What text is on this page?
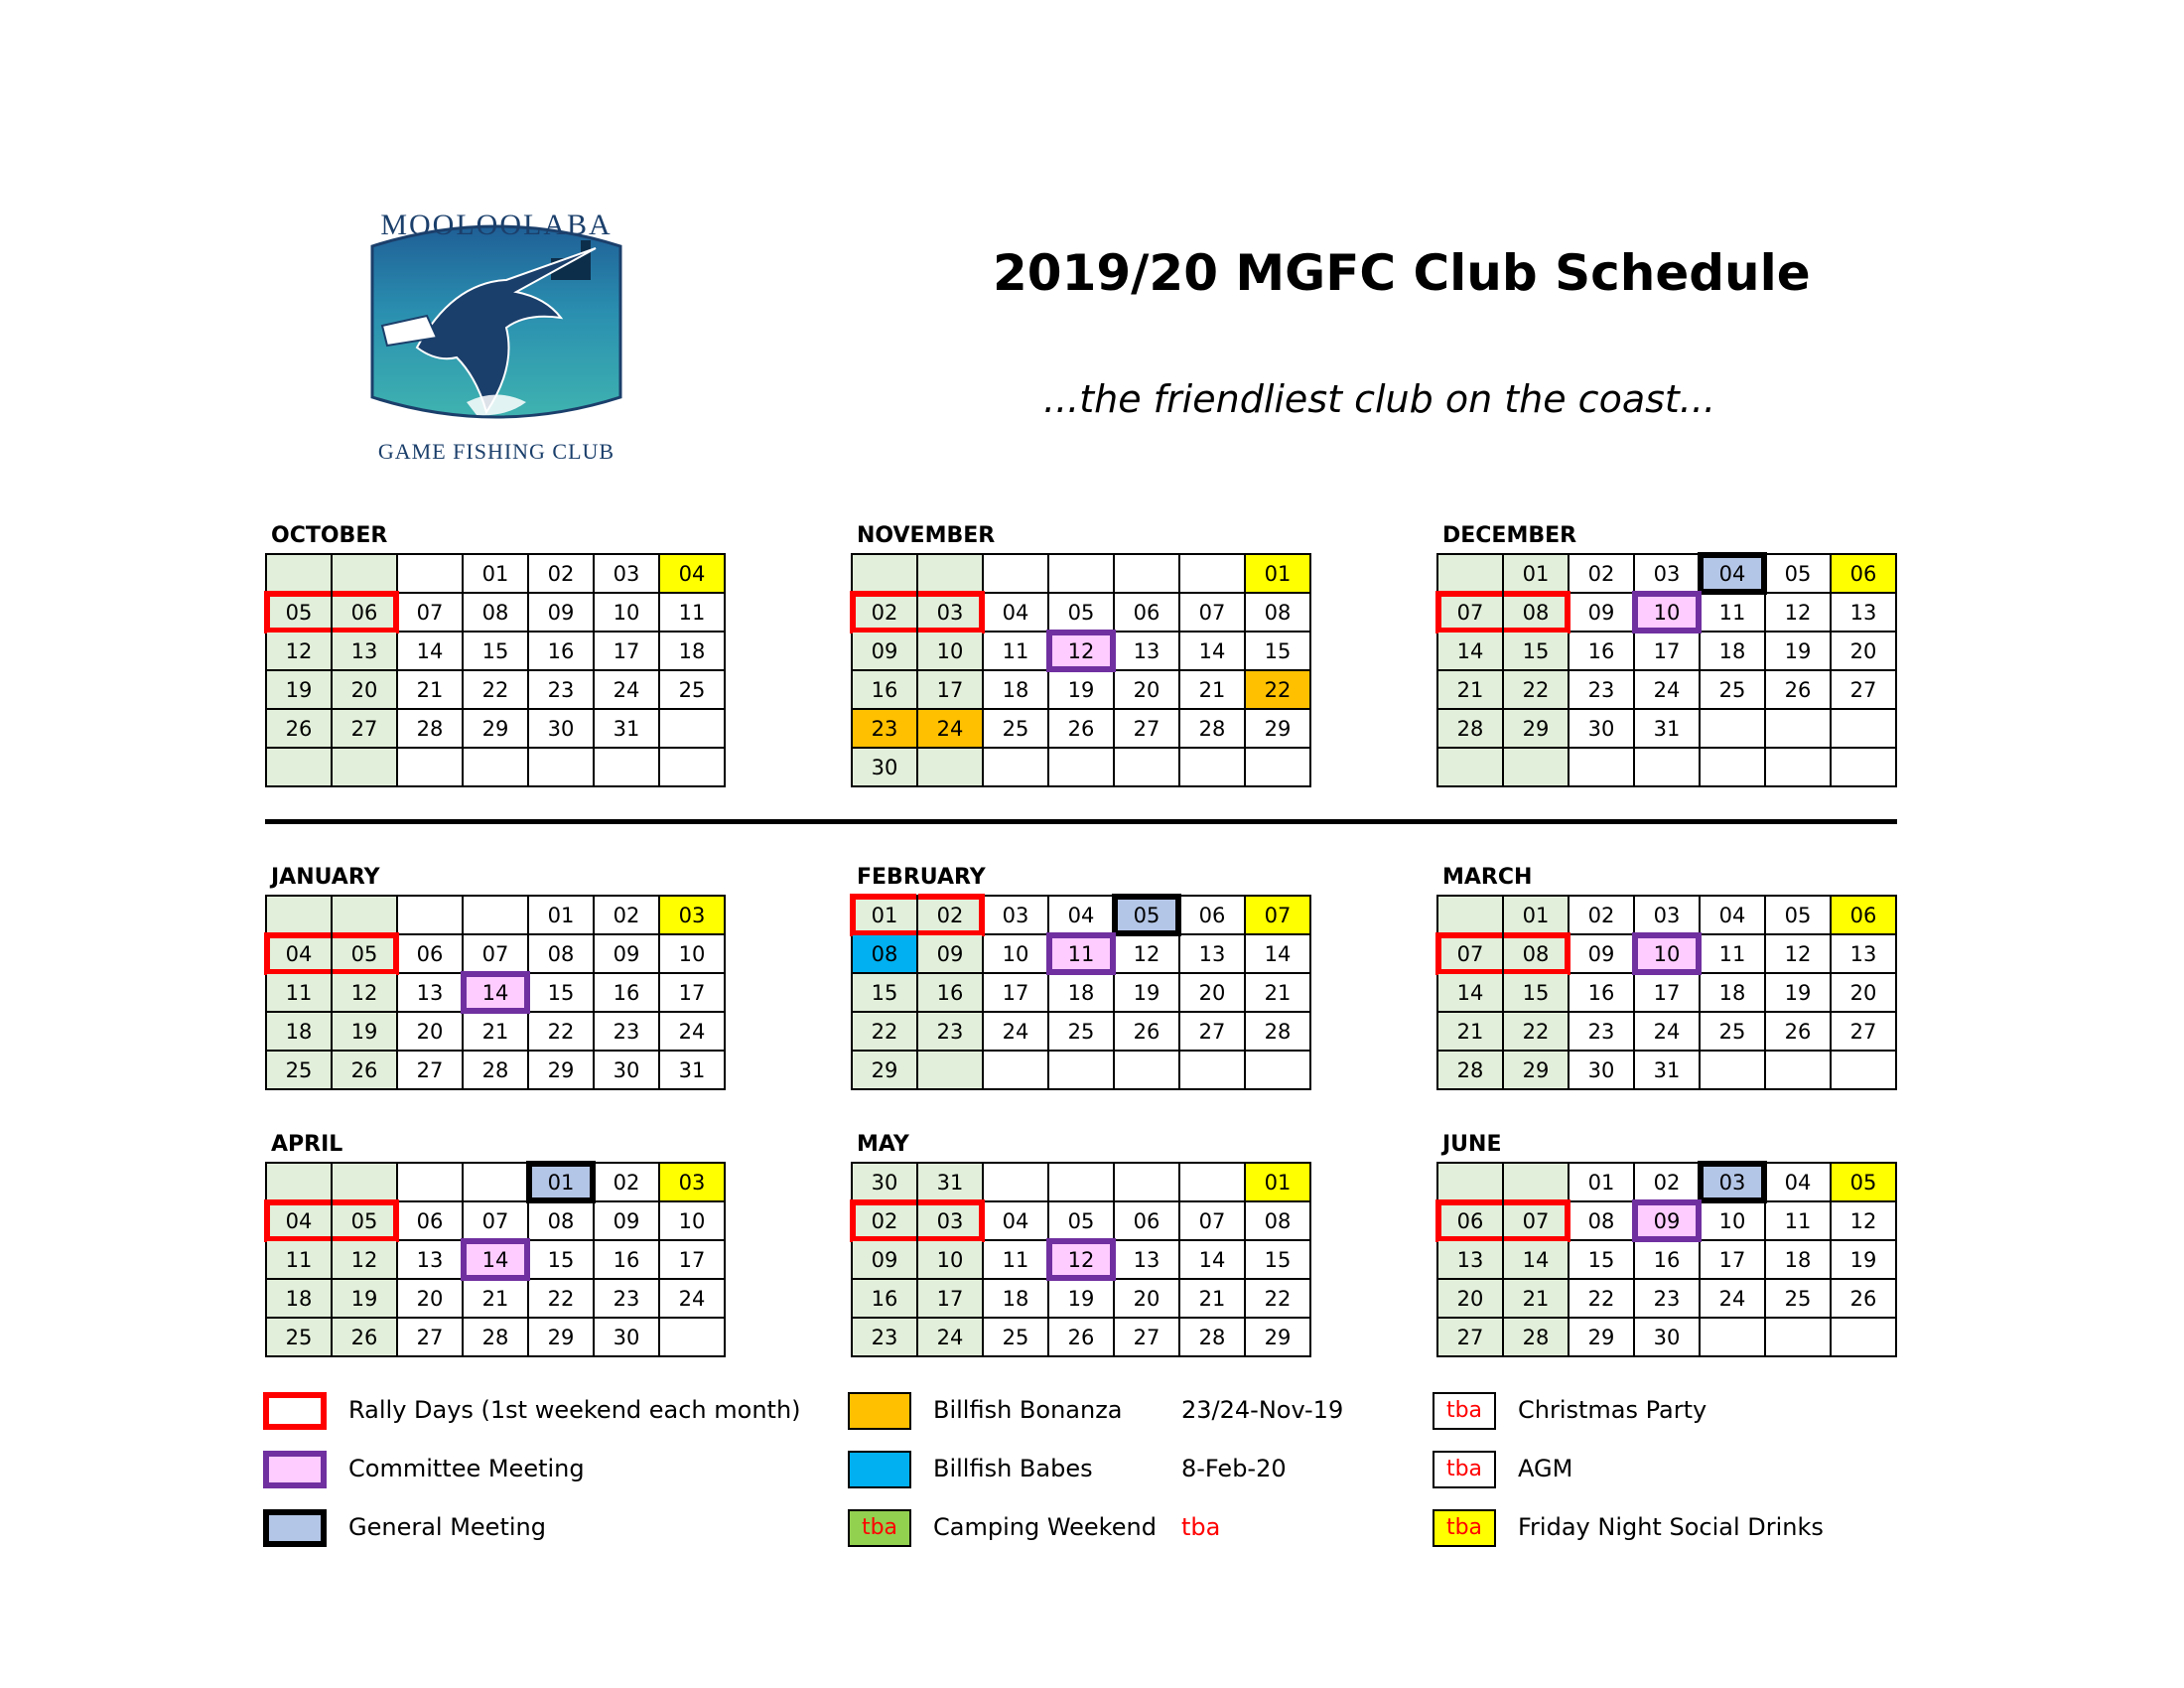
MOOLOOLABA
GAME FISHING CLUB
2019/20 MGFC Club Schedule
...the friendliest club on the coast...
OCTOBER
			01	02	03	04
05	06	07	08	09	10	11
12	13	14	15	16	17	18
19	20	21	22	23	24	25
26	27	28	29	30	31	

NOVEMBER
						01
02	03	04	05	06	07	08
09	10	11	12	13	14	15
16	17	18	19	20	21	22
23	24	25	26	27	28	29
30						
DECEMBER
	01	02	03	04	05	06
07	08	09	10	11	12	13
14	15	16	17	18	19	20
21	22	23	24	25	26	27
28	29	30	31			

JANUARY
				01	02	03
04	05	06	07	08	09	10
11	12	13	14	15	16	17
18	19	20	21	22	23	24
25	26	27	28	29	30	31
FEBRUARY
01	02	03	04	05	06	07
08	09	10	11	12	13	14
15	16	17	18	19	20	21
22	23	24	25	26	27	28
29						
MARCH
	01	02	03	04	05	06
07	08	09	10	11	12	13
14	15	16	17	18	19	20
21	22	23	24	25	26	27
28	29	30	31			
APRIL
				01	02	03
04	05	06	07	08	09	10
11	12	13	14	15	16	17
18	19	20	21	22	23	24
25	26	27	28	29	30	
MAY
30	31					01
02	03	04	05	06	07	08
09	10	11	12	13	14	15
16	17	18	19	20	21	22
23	24	25	26	27	28	29
JUNE
		01	02	03	04	05
06	07	08	09	10	11	12
13	14	15	16	17	18	19
20	21	22	23	24	25	26
27	28	29	30			
Rally Days (1st weekend each month)
Committee Meeting
General Meeting
Billfish Bonanza 23/24-Nov-19
Billfish Babes	8-Feb-20
tba	Camping Weekend tba
tba	Christmas Party
tba	AGM
tba	Friday Night Social Drinks
